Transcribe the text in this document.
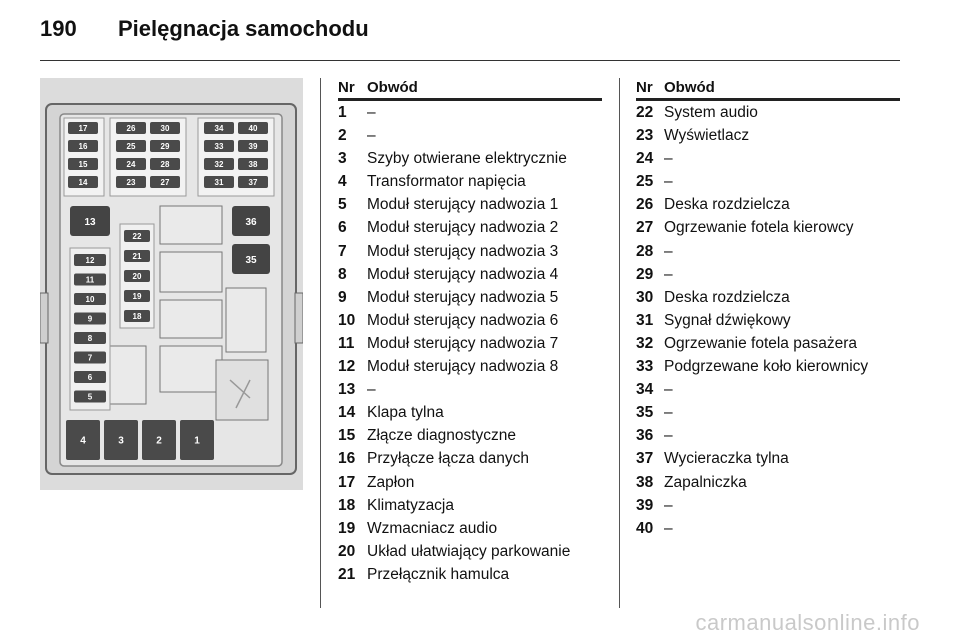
190 Pielęgnacja samochodu
17
16
15
14
26
25
24
23
30
29
28
27
34
33
32
31
40
39
38
37
13	36
35
22
21
20
19
18
12
11
10
9
8
7
6
5
4	3	2	1
Nr Obwód
1 –
2 –
3 Szyby otwierane elektrycznie
4 Transformator napięcia
5 Moduł sterujący nadwozia 1
6 Moduł sterujący nadwozia 2
7 Moduł sterujący nadwozia 3
8 Moduł sterujący nadwozia 4
9 Moduł sterujący nadwozia 5
10 Moduł sterujący nadwozia 6
11 Moduł sterujący nadwozia 7
12 Moduł sterujący nadwozia 8
13 –
14 Klapa tylna
15 Złącze diagnostyczne
16 Przyłącze łącza danych
17 Zapłon
18 Klimatyzacja
19 Wzmacniacz audio
20 Układ ułatwiający parkowanie
21 Przełącznik hamulca
Nr Obwód
22 System audio
23 Wyświetlacz
24 –
25 –
26 Deska rozdzielcza
27 Ogrzewanie fotela kierowcy
28 –
29 –
30 Deska rozdzielcza
31 Sygnał dźwiękowy
32 Ogrzewanie fotela pasażera
33 Podgrzewane koło kierownicy
34 –
35 –
36 –
37 Wycieraczka tylna
38 Zapalniczka
39 –
40 –
carmanualsonline.info
